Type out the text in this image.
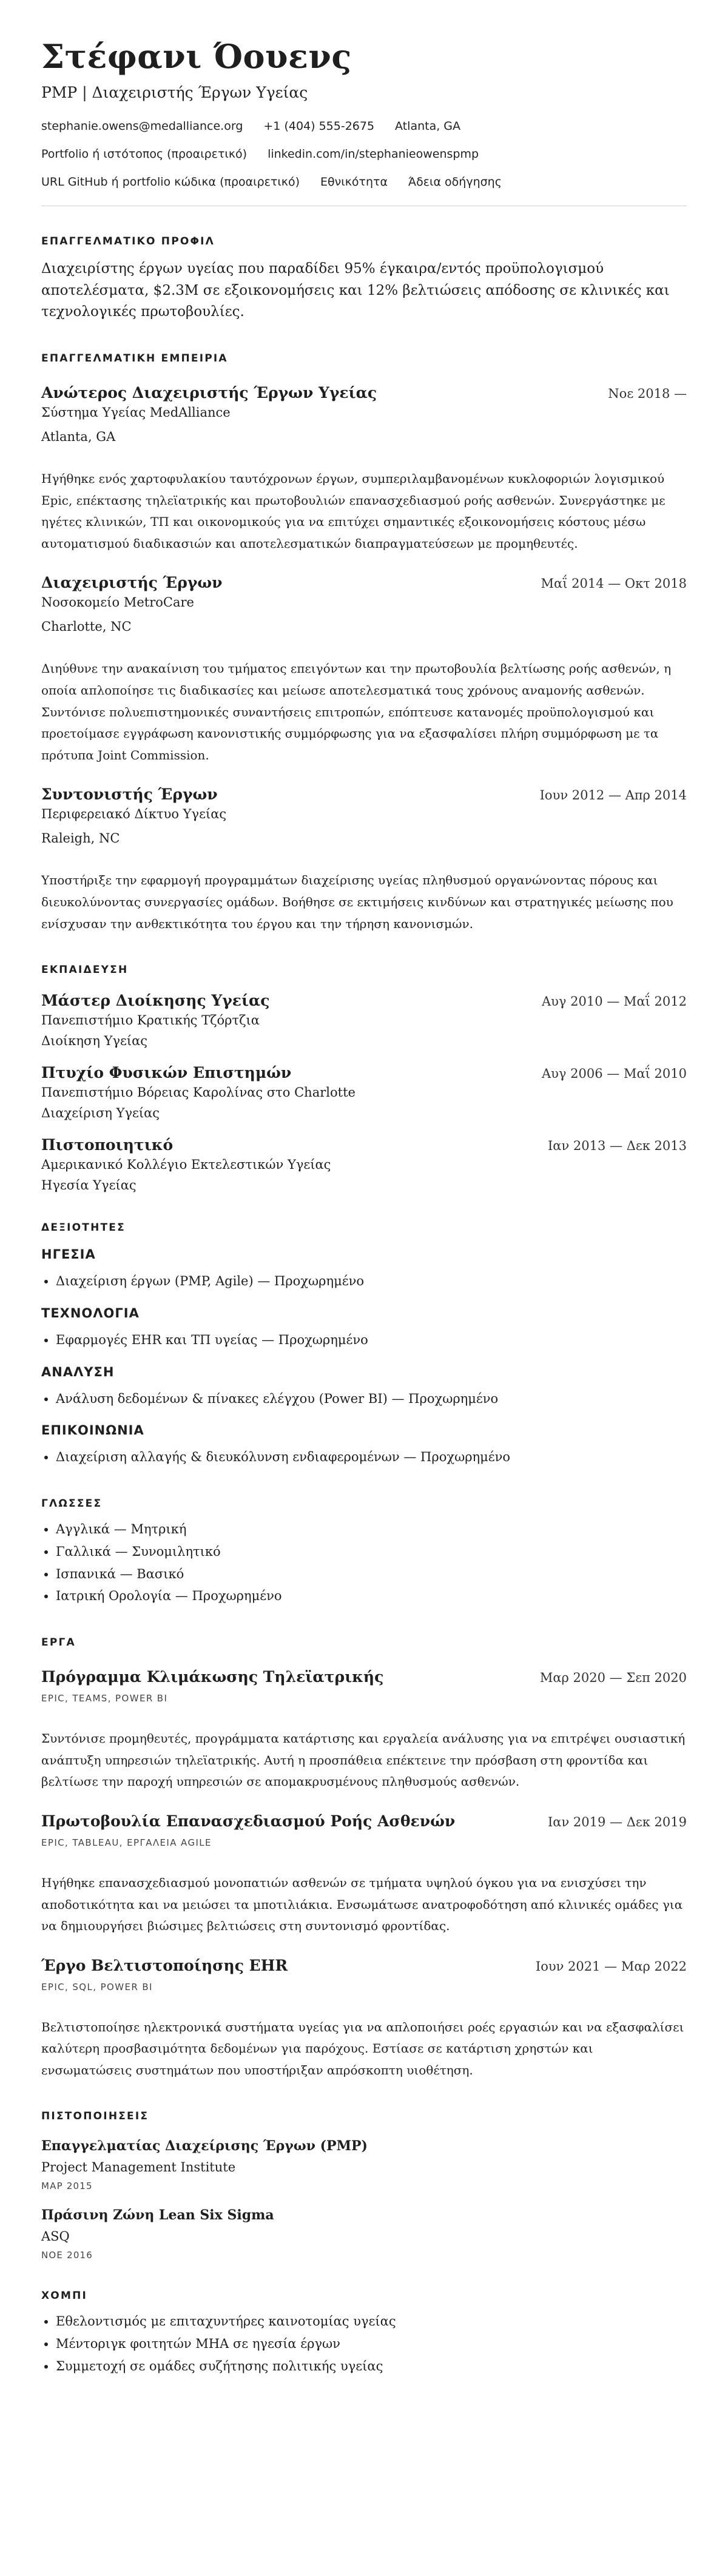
Στέφανι Όουενς
PMP | Διαχειριστής Έργων Υγείας
stephanie.owens@medalliance.org +1 (404) 555-2675 Atlanta, GA
Portfolio ή ιστότοπος (προαιρετικό) linkedin.com/in/stephanieowenspmp
URL GitHub ή portfolio κώδικα (προαιρετικό) Εθνικότητα Άδεια οδήγησης
ΕΠΑΓΓΕΛΜΑΤΙΚΟ ΠΡΟΦΙΛ

Διαχειρίστης έργων υγείας που παραδίδει 95% έγκαιρα/εντός προϋπολογισμού αποτελέσματα, $2.3M σε εξοικονομήσεις και 12% βελτιώσεις απόδοσης σε κλινικές και τεχνολογικές πρωτοβουλίες.

ΕΠΑΓΓΕΛΜΑΤΙΚΗ ΕΜΠΕΙΡΙΑ
Ανώτερος Διαχειριστής Έργων Υγείας	Νοε 2018 —
Σύστημα Υγείας MedAlliance
Atlanta, GA
Ηγήθηκε ενός χαρτοφυλακίου ταυτόχρονων έργων, συμπεριλαμβανομένων κυκλοφοριών λογισμικού Epic, επέκτασης τηλεϊατρικής και πρωτοβουλιών επανασχεδιασμού ροής ασθενών. Συνεργάστηκε με ηγέτες κλινικών, ΤΠ και οικονομικούς για να επιτύχει σημαντικές εξοικονομήσεις κόστους μέσω αυτοματισμού διαδικασιών και αποτελεσματικών διαπραγματεύσεων με προμηθευτές.
Διαχειριστής Έργων	Μαΐ 2014 — Οκτ 2018
Νοσοκομείο MetroCare
Charlotte, NC
Διηύθυνε την ανακαίνιση του τμήματος επειγόντων και την πρωτοβουλία βελτίωσης ροής ασθενών, η οποία απλοποίησε τις διαδικασίες και μείωσε αποτελεσματικά τους χρόνους αναμονής ασθενών. Συντόνισε πολυεπιστημονικές συναντήσεις επιτροπών, επόπτευσε κατανομές προϋπολογισμού και προετοίμασε εγγράφωση κανονιστικής συμμόρφωσης για να εξασφαλίσει πλήρη συμμόρφωση με τα πρότυπα Joint Commission.
Συντονιστής Έργων	Ιουν 2012 — Απρ 2014
Περιφερειακό Δίκτυο Υγείας
Raleigh, NC
Υποστήριξε την εφαρμογή προγραμμάτων διαχείρισης υγείας πληθυσμού οργανώνοντας πόρους και διευκολύνοντας συνεργασίες ομάδων. Βοήθησε σε εκτιμήσεις κινδύνων και στρατηγικές μείωσης που ενίσχυσαν την ανθεκτικότητα του έργου και την τήρηση κανονισμών.
ΕΚΠΑΙΔΕΥΣΗ
Μάστερ Διοίκησης Υγείας	Αυγ 2010 — Μαΐ 2012
Πανεπιστήμιο Κρατικής Τζόρτζια
Διοίκηση Υγείας
Πτυχίο Φυσικών Επιστημών	Αυγ 2006 — Μαΐ 2010
Πανεπιστήμιο Βόρειας Καρολίνας στο Charlotte
Διαχείριση Υγείας
Πιστοποιητικό	Ιαν 2013 — Δεκ 2013
Αμερικανικό Κολλέγιο Εκτελεστικών Υγείας
Ηγεσία Υγείας
ΔΕΞΙΟΤΗΤΕΣ
ΗΓΕΣΙΑ
• Διαχείριση έργων (PMP, Agile) — Προχωρημένο
ΤΕΧΝΟΛΟΓΙΑ
• Εφαρμογές EHR και ΤΠ υγείας — Προχωρημένο
ΑΝΑΛΥΣΗ
• Ανάλυση δεδομένων & πίνακες ελέγχου (Power BI) — Προχωρημένο
ΕΠΙΚΟΙΝΩΝΙΑ
• Διαχείριση αλλαγής & διευκόλυνση ενδιαφερομένων — Προχωρημένο
ΓΛΩΣΣΕΣ
• Αγγλικά — Μητρική
• Γαλλικά — Συνομιλητικό
• Ισπανικά — Βασικό
• Ιατρική Ορολογία — Προχωρημένο
ΕΡΓΑ
Πρόγραμμα Κλιμάκωσης Τηλεϊατρικής	Μαρ 2020 — Σεπ 2020
EPIC, TEAMS, POWER BI
Συντόνισε προμηθευτές, προγράμματα κατάρτισης και εργαλεία ανάλυσης για να επιτρέψει ουσιαστική ανάπτυξη υπηρεσιών τηλεϊατρικής. Αυτή η προσπάθεια επέκτεινε την πρόσβαση στη φροντίδα και βελτίωσε την παροχή υπηρεσιών σε απομακρυσμένους πληθυσμούς ασθενών.
Πρωτοβουλία Επανασχεδιασμού Ροής Ασθενών	Ιαν 2019 — Δεκ 2019
EPIC, TABLEAU, ΕΡΓΑΛΕΙΑ AGILE
Ηγήθηκε επανασχεδιασμού μονοπατιών ασθενών σε τμήματα υψηλού όγκου για να ενισχύσει την αποδοτικότητα και να μειώσει τα μποτιλιάκια. Ενσωμάτωσε ανατροφοδότηση από κλινικές ομάδες για να δημιουργήσει βιώσιμες βελτιώσεις στη συντονισμό φροντίδας.
Έργο Βελτιστοποίησης EHR	Ιουν 2021 — Μαρ 2022
EPIC, SQL, POWER BI
Βελτιστοποίησε ηλεκτρονικά συστήματα υγείας για να απλοποιήσει ροές εργασιών και να εξασφαλίσει καλύτερη προσβασιμότητα δεδομένων για παρόχους. Εστίασε σε κατάρτιση χρηστών και ενσωματώσεις συστημάτων που υποστήριξαν απρόσκοπτη υιοθέτηση.
ΠΙΣΤΟΠΟΙΗΣΕΙΣ
Επαγγελματίας Διαχείρισης Έργων (PMP)
Project Management Institute
ΜΑΡ 2015
Πράσινη Ζώνη Lean Six Sigma
ASQ
ΝΟΕ 2016
ΧΟΜΠΙ
• Εθελοντισμός με επιταχυντήρες καινοτομίας υγείας
• Μέντοριγκ φοιτητών MHA σε ηγεσία έργων
• Συμμετοχή σε ομάδες συζήτησης πολιτικής υγείας
